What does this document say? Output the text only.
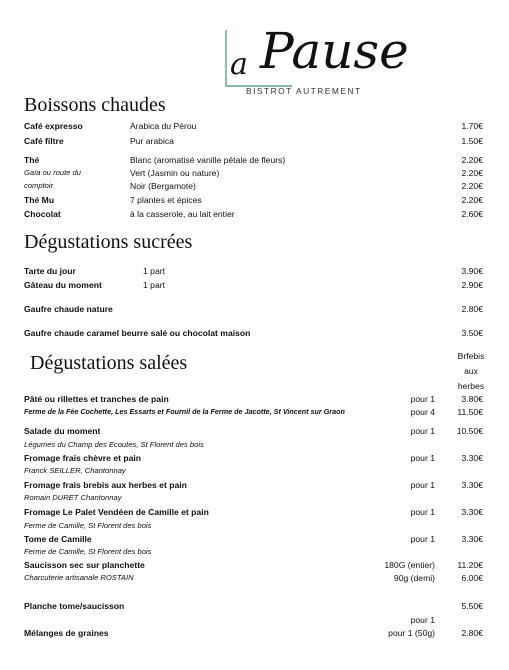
a Pause
BISTROT AUTREMENT
Boissons chaudes
Café expresso	Arabica du Pérou	1.70€
Café filtre	Pur arabica	1.50€
Thé	Blanc (aromatisé vanille pétale de fleurs)	2.20€
Gaïa ou route du	Vert (Jasmin ou nature)	2.20€
comptoir	Noir (Bergamote)	2.20€
Thé Mu	7 plantes et épices	2.20€
Chocolat	à la casserole, au lait entier	2.60€
Dégustations sucrées
Tarte du jour	1 part	3.90€
Gâteau du moment	1 part	2.90€
Gaufre chaude nature	2.80€
Gaufre chaude caramel beurre salé ou chocolat maison	3.50€
Dégustations salées	Brfebis
aux
herbes
Pâté ou rillettes et tranches de pain	pour 1	3.80€
Ferme de la Fée Cochette, Les Essarts et Fournil de la Ferme de Jacotte, St Vincent sur Graon	pour 4	11.50€
Salade du moment	pour 1	10.50€
Légumes du Champ des Ecoutes, St Florent des bois
Fromage frais chèvre et pain	pour 1	3.30€
Franck SEILLER, Chantonnay
Fromage frais brebis aux herbes et pain	pour 1	3.30€
Romain DURET Chantonnay
Fromage Le Palet Vendéen de Camille et pain	pour 1	3.30€
Ferme de Camille, St Florent des bois
Tome de Camille	pour 1	3.30€
Ferme de Camille, St Florent des bois
Saucisson sec sur planchette	180G (entier)	11.20€
Charcuterie artisanale ROSTAIN	90g (demi)	6.00€
Planche tome/saucisson	5.50€
pour 1
Mélanges de graines	pour 1 (50g)	2.80€
